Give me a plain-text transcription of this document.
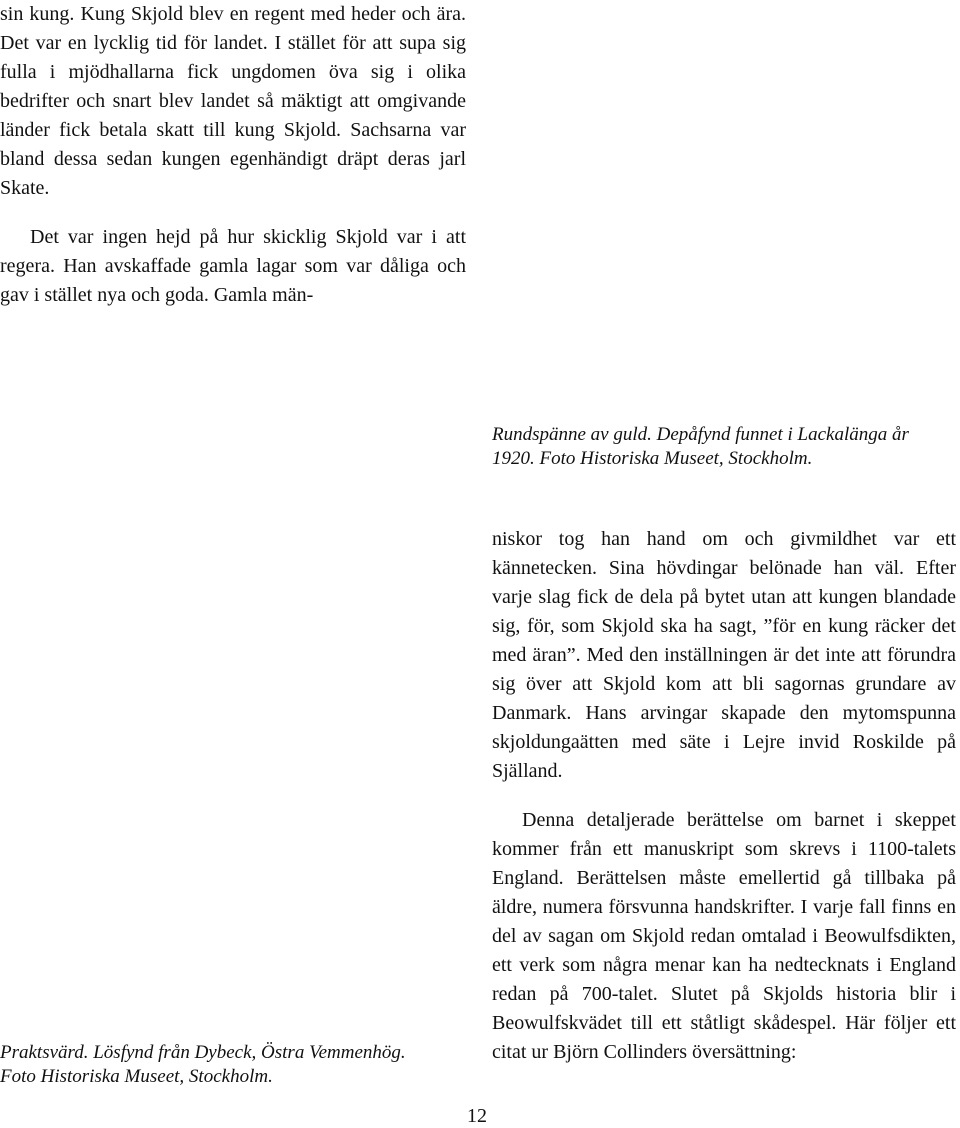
sin kung. Kung Skjold blev en regent med heder och ära. Det var en lycklig tid för landet. I stället för att supa sig fulla i mjödhallarna fick ungdomen öva sig i olika bedrifter och snart blev landet så mäktigt att omgivande länder fick betala skatt till kung Skjold. Sachsarna var bland dessa sedan kungen egenhändigt dräpt deras jarl Skate.

Det var ingen hejd på hur skicklig Skjold var i att regera. Han avskaffade gamla lagar som var dåliga och gav i stället nya och goda. Gamla män-

Rundspänne av guld. Depåfynd funnet i Lackalänga år
1920. Foto Historiska Museet, Stockholm.

niskor tog han hand om och givmildhet var ett kännetecken. Sina hövdingar belönade han väl. Efter varje slag fick de dela på bytet utan att kungen blandade sig, för, som Skjold ska ha sagt, ”för en kung räcker det med äran”. Med den inställningen är det inte att förundra sig över att Skjold kom att bli sagornas grundare av Danmark. Hans arvingar skapade den mytomspunna skjoldungaätten med säte i Lejre invid Roskilde på Själland.

Denna detaljerade berättelse om barnet i skeppet kommer från ett manuskript som skrevs i 1100-talets England. Berättelsen måste emellertid gå tillbaka på äldre, numera försvunna handskrifter. I varje fall finns en del av sagan om Skjold redan omtalad i Beowulfsdikten, ett verk som några menar kan ha nedtecknats i England redan på 700-talet. Slutet på Skjolds historia blir i Beowulfskvädet till ett ståtligt skådespel. Här följer ett citat ur Björn Collinders översättning:

Praktsvärd. Lösfynd från Dybeck, Östra Vemmenhög.
Foto Historiska Museet, Stockholm.
12
